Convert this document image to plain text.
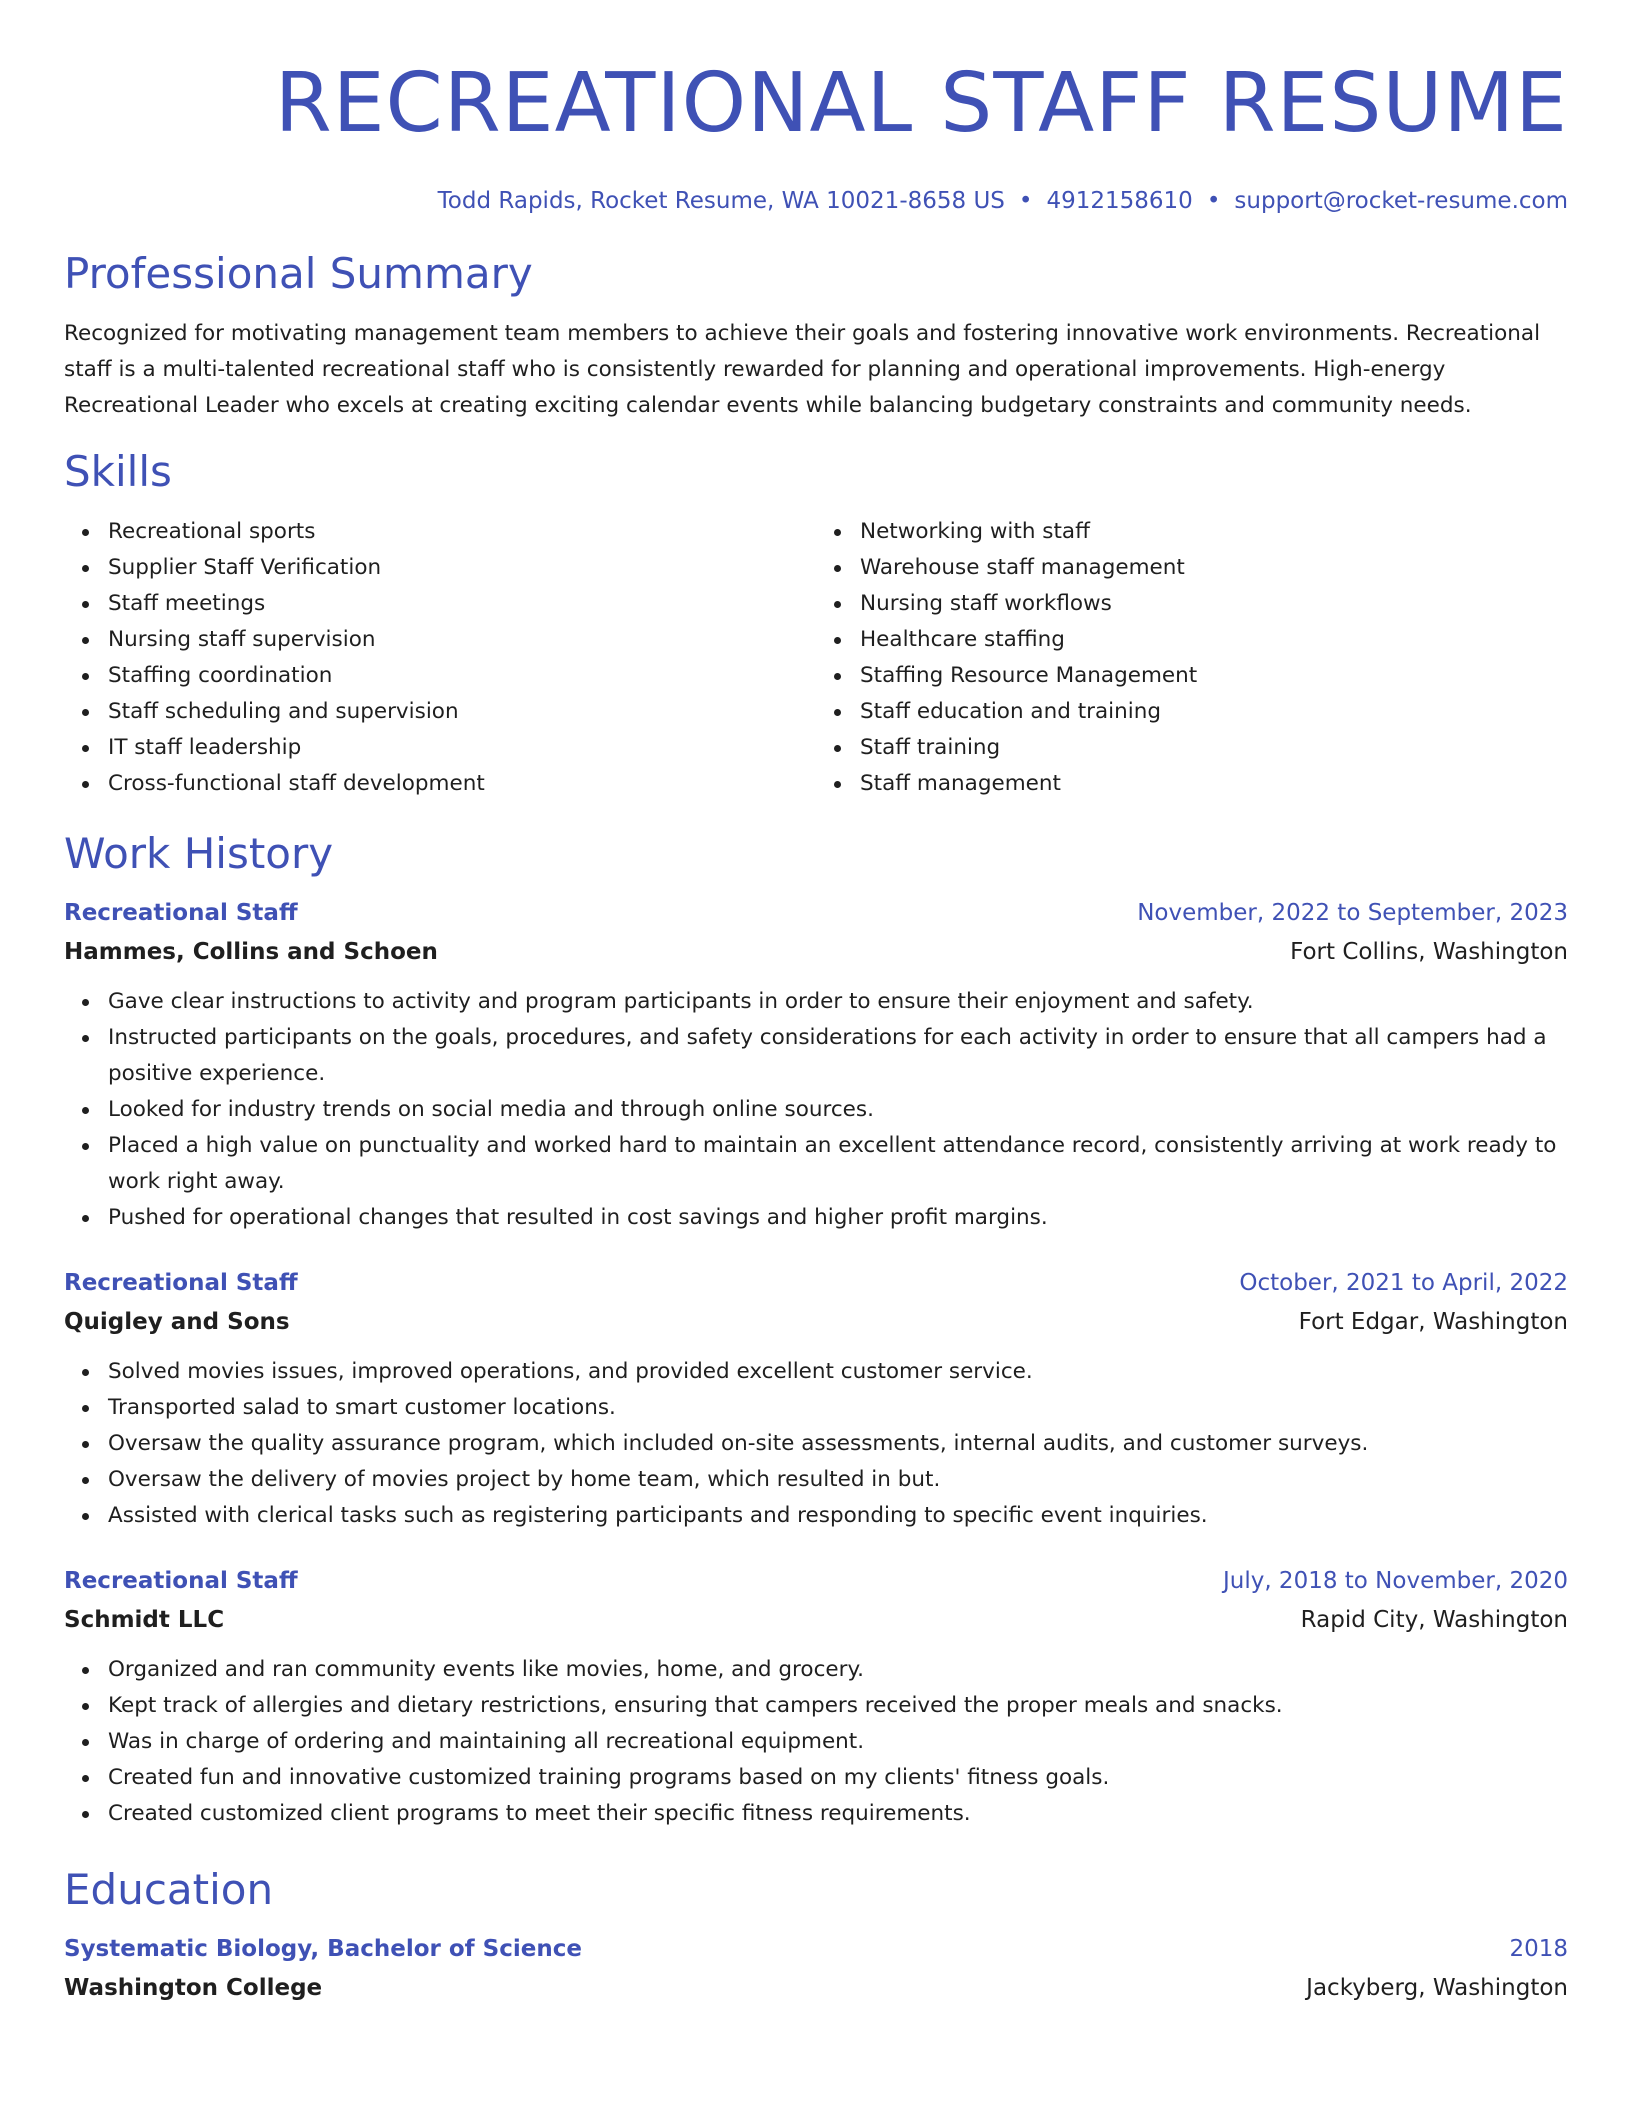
RECREATIONAL STAFF RESUME
Todd Rapids, Rocket Resume, WA 10021-8658 US • 4912158610 • support@rocket-resume.com
Professional Summary

Recognized for motivating management team members to achieve their goals and fostering innovative work environments. Recreational staff is a multi-talented recreational staff who is consistently rewarded for planning and operational improvements. High-energy Recreational Leader who excels at creating exciting calendar events while balancing budgetary constraints and community needs.

Skills
Recreational sports
Supplier Staff Verification
Staff meetings
Nursing staff supervision
Staffing coordination
Staff scheduling and supervision
IT staff leadership
Cross-functional staff development
Networking with staff
Warehouse staff management
Nursing staff workflows
Healthcare staffing
Staffing Resource Management
Staff education and training
Staff training
Staff management
Work History
Recreational Staff	November, 2022 to September, 2023
Hammes, Collins and Schoen	Fort Collins, Washington
Gave clear instructions to activity and program participants in order to ensure their enjoyment and safety.
Instructed participants on the goals, procedures, and safety considerations for each activity in order to ensure that all campers had a positive experience.
Looked for industry trends on social media and through online sources.
Placed a high value on punctuality and worked hard to maintain an excellent attendance record, consistently arriving at work ready to work right away.
Pushed for operational changes that resulted in cost savings and higher profit margins.
Recreational Staff	October, 2021 to April, 2022
Quigley and Sons	Fort Edgar, Washington
Solved movies issues, improved operations, and provided excellent customer service.
Transported salad to smart customer locations.
Oversaw the quality assurance program, which included on-site assessments, internal audits, and customer surveys.
Oversaw the delivery of movies project by home team, which resulted in but.
Assisted with clerical tasks such as registering participants and responding to specific event inquiries.
Recreational Staff	July, 2018 to November, 2020
Schmidt LLC	Rapid City, Washington
Organized and ran community events like movies, home, and grocery.
Kept track of allergies and dietary restrictions, ensuring that campers received the proper meals and snacks.
Was in charge of ordering and maintaining all recreational equipment.
Created fun and innovative customized training programs based on my clients' fitness goals.
Created customized client programs to meet their specific fitness requirements.
Education
Systematic Biology, Bachelor of Science	2018
Washington College	Jackyberg, Washington
